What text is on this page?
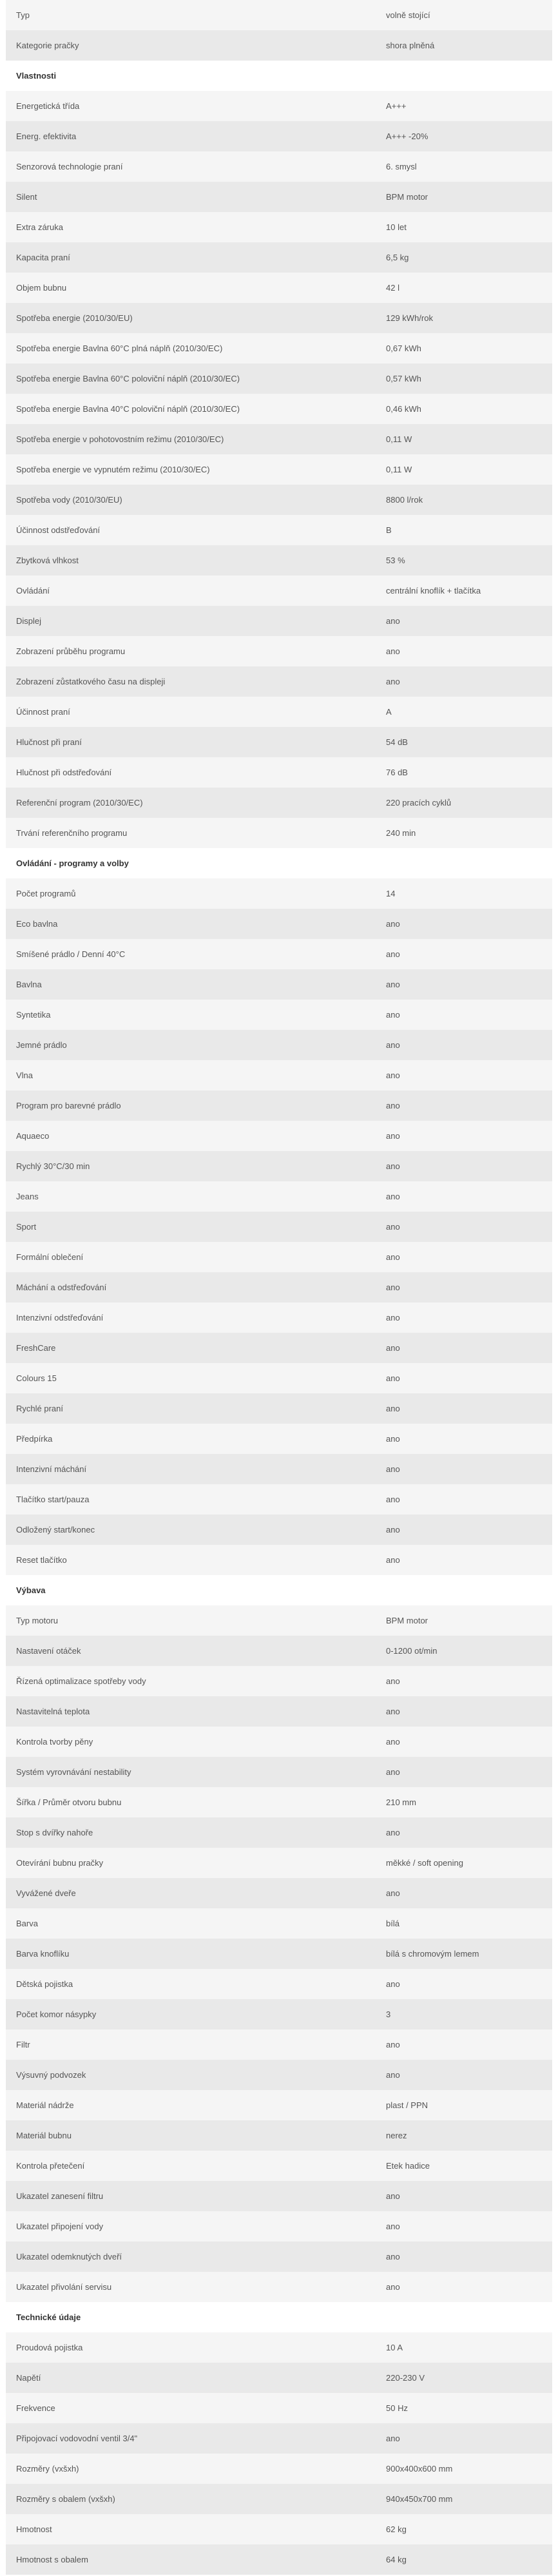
Typ	volně stojící
Kategorie pračky	shora plněná
Vlastnosti	
Energetická třída	A+++
Energ. efektivita	A+++ -20%
Senzorová technologie praní	6. smysl
Silent	BPM motor
Extra záruka	10 let
Kapacita praní	6,5 kg
Objem bubnu	42 l
Spotřeba energie (2010/30/EU)	129 kWh/rok
Spotřeba energie Bavlna 60°C plná náplň (2010/30/EC)	0,67 kWh
Spotřeba energie Bavlna 60°C poloviční náplň (2010/30/EC)	0,57 kWh
Spotřeba energie Bavlna 40°C poloviční náplň (2010/30/EC)	0,46 kWh
Spotřeba energie v pohotovostním režimu (2010/30/EC)	0,11 W
Spotřeba energie ve vypnutém režimu (2010/30/EC)	0,11 W
Spotřeba vody (2010/30/EU)	8800 l/rok
Účinnost odstřeďování	B
Zbytková vlhkost	53 %
Ovládání	centrální knoflík + tlačítka
Displej	ano
Zobrazení průběhu programu	ano
Zobrazení zůstatkového času na displeji	ano
Účinnost praní	A
Hlučnost při praní	54 dB
Hlučnost při odstřeďování	76 dB
Referenční program (2010/30/EC)	220 pracích cyklů
Trvání referenčního programu	240 min
Ovládání - programy a volby	
Počet programů	14
Eco bavlna	ano
Smíšené prádlo / Denní 40°C	ano
Bavlna	ano
Syntetika	ano
Jemné prádlo	ano
Vlna	ano
Program pro barevné prádlo	ano
Aquaeco	ano
Rychlý 30°C/30 min	ano
Jeans	ano
Sport	ano
Formální oblečení	ano
Máchání a odstřeďování	ano
Intenzivní odstřeďování	ano
FreshCare	ano
Colours 15	ano
Rychlé praní	ano
Předpírka	ano
Intenzivní máchání	ano
Tlačítko start/pauza	ano
Odložený start/konec	ano
Reset tlačítko	ano
Výbava	
Typ motoru	BPM motor
Nastavení otáček	0-1200 ot/min
Řízená optimalizace spotřeby vody	ano
Nastavitelná teplota	ano
Kontrola tvorby pěny	ano
Systém vyrovnávání nestability	ano
Šířka / Průměr otvoru bubnu	210 mm
Stop s dvířky nahoře	ano
Otevírání bubnu pračky	měkké / soft opening
Vyvážené dveře	ano
Barva	bílá
Barva knoflíku	bílá s chromovým lemem
Dětská pojistka	ano
Počet komor násypky	3
Filtr	ano
Výsuvný podvozek	ano
Materiál nádrže	plast / PPN
Materiál bubnu	nerez
Kontrola přetečení	Etek hadice
Ukazatel zanesení filtru	ano
Ukazatel připojení vody	ano
Ukazatel odemknutých dveří	ano
Ukazatel přivolání servisu	ano
Technické údaje	
Proudová pojistka	10 A
Napětí	220-230 V
Frekvence	50 Hz
Připojovací vodovodní ventil 3/4"	ano
Rozměry (vxšxh)	900x400x600 mm
Rozměry s obalem (vxšxh)	940x450x700 mm
Hmotnost	62 kg
Hmotnost s obalem	64 kg
